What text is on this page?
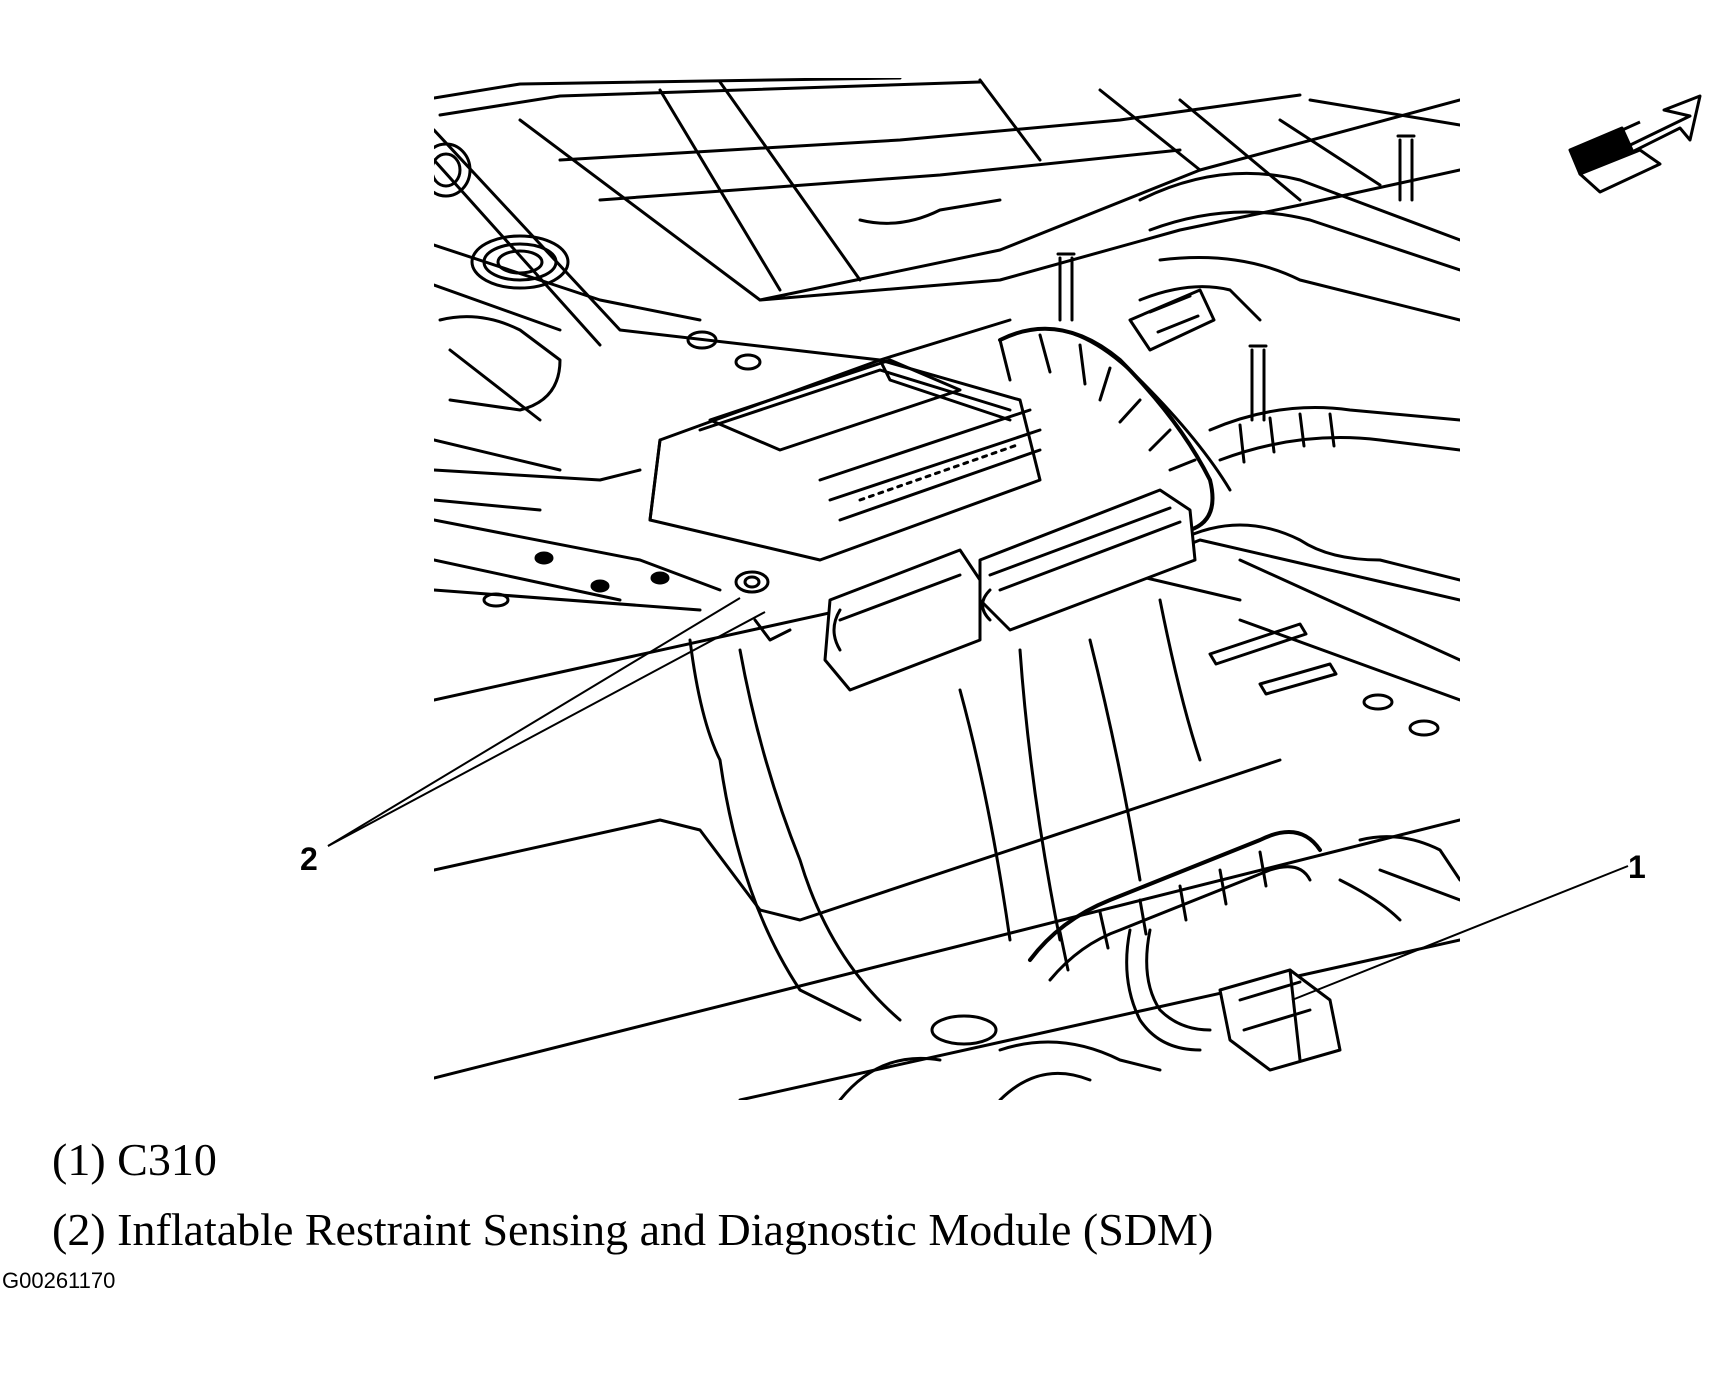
2	1
(1) C310
(2) Inflatable Restraint Sensing and Diagnostic Module (SDM)
G00261170
